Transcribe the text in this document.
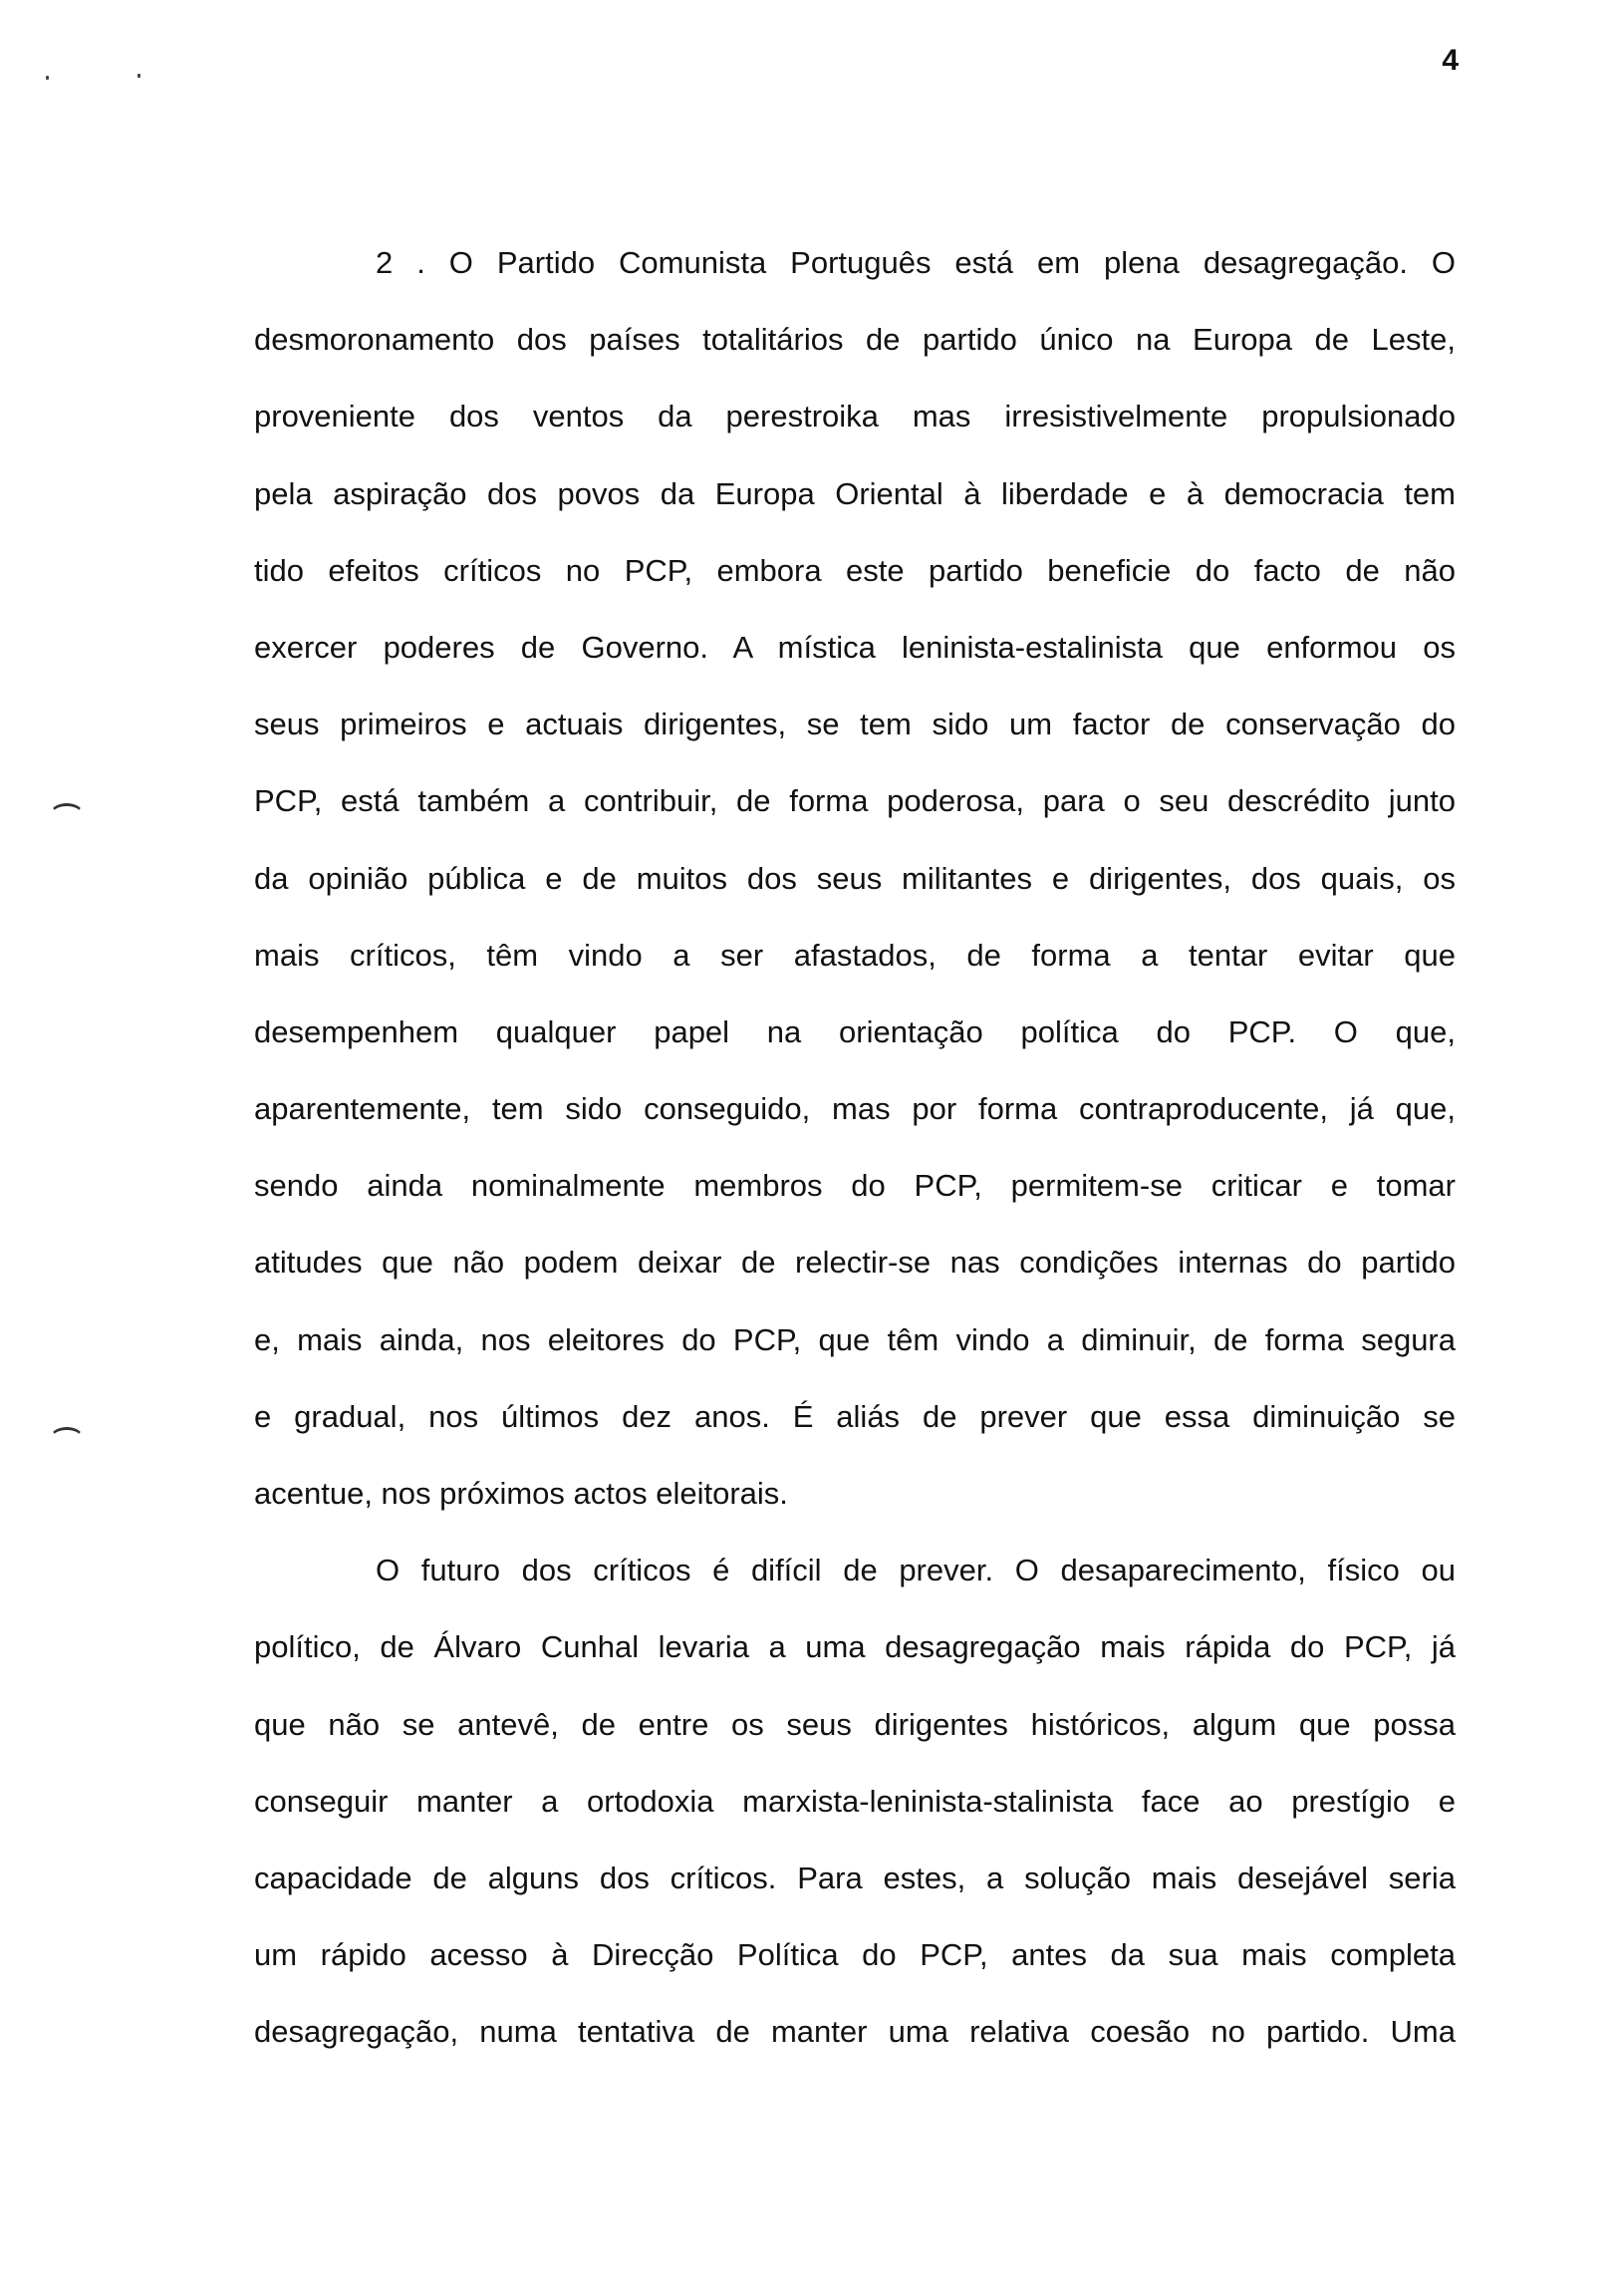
4
2 . O Partido Comunista Português está em plena desagregação. O
desmoronamento dos países totalitários de partido único na Europa de Leste,
proveniente dos ventos da perestroika mas irresistivelmente propulsionado
pela aspiração dos povos da Europa Oriental à liberdade e à democracia tem
tido efeitos críticos no PCP, embora este partido beneficie do facto de não
exercer poderes de Governo. A mística leninista-estalinista que enformou os
seus primeiros e actuais dirigentes, se tem sido um factor de conservação do
PCP, está também a contribuir, de forma poderosa, para o seu descrédito junto
da opinião pública e de muitos dos seus militantes e dirigentes, dos quais, os
mais críticos, têm vindo a ser afastados, de forma a tentar evitar que
desempenhem qualquer papel na orientação política do PCP. O que,
aparentemente, tem sido conseguido, mas por forma contraproducente, já que,
sendo ainda nominalmente membros do PCP, permitem-se criticar e tomar
atitudes que não podem deixar de relectir-se nas condições internas do partido
e, mais ainda, nos eleitores do PCP, que têm vindo a diminuir, de forma segura
e gradual, nos últimos dez anos. É aliás de prever que essa diminuição se
acentue, nos próximos actos eleitorais.
O futuro dos críticos é difícil de prever. O desaparecimento, físico ou
político, de Álvaro Cunhal levaria a uma desagregação mais rápida do PCP, já
que não se antevê, de entre os seus dirigentes históricos, algum que possa
conseguir manter a ortodoxia marxista-leninista-stalinista face ao prestígio e
capacidade de alguns dos críticos. Para estes, a solução mais desejável seria
um rápido acesso à Direcção Política do PCP, antes da sua mais completa
desagregação, numa tentativa de manter uma relativa coesão no partido. Uma
